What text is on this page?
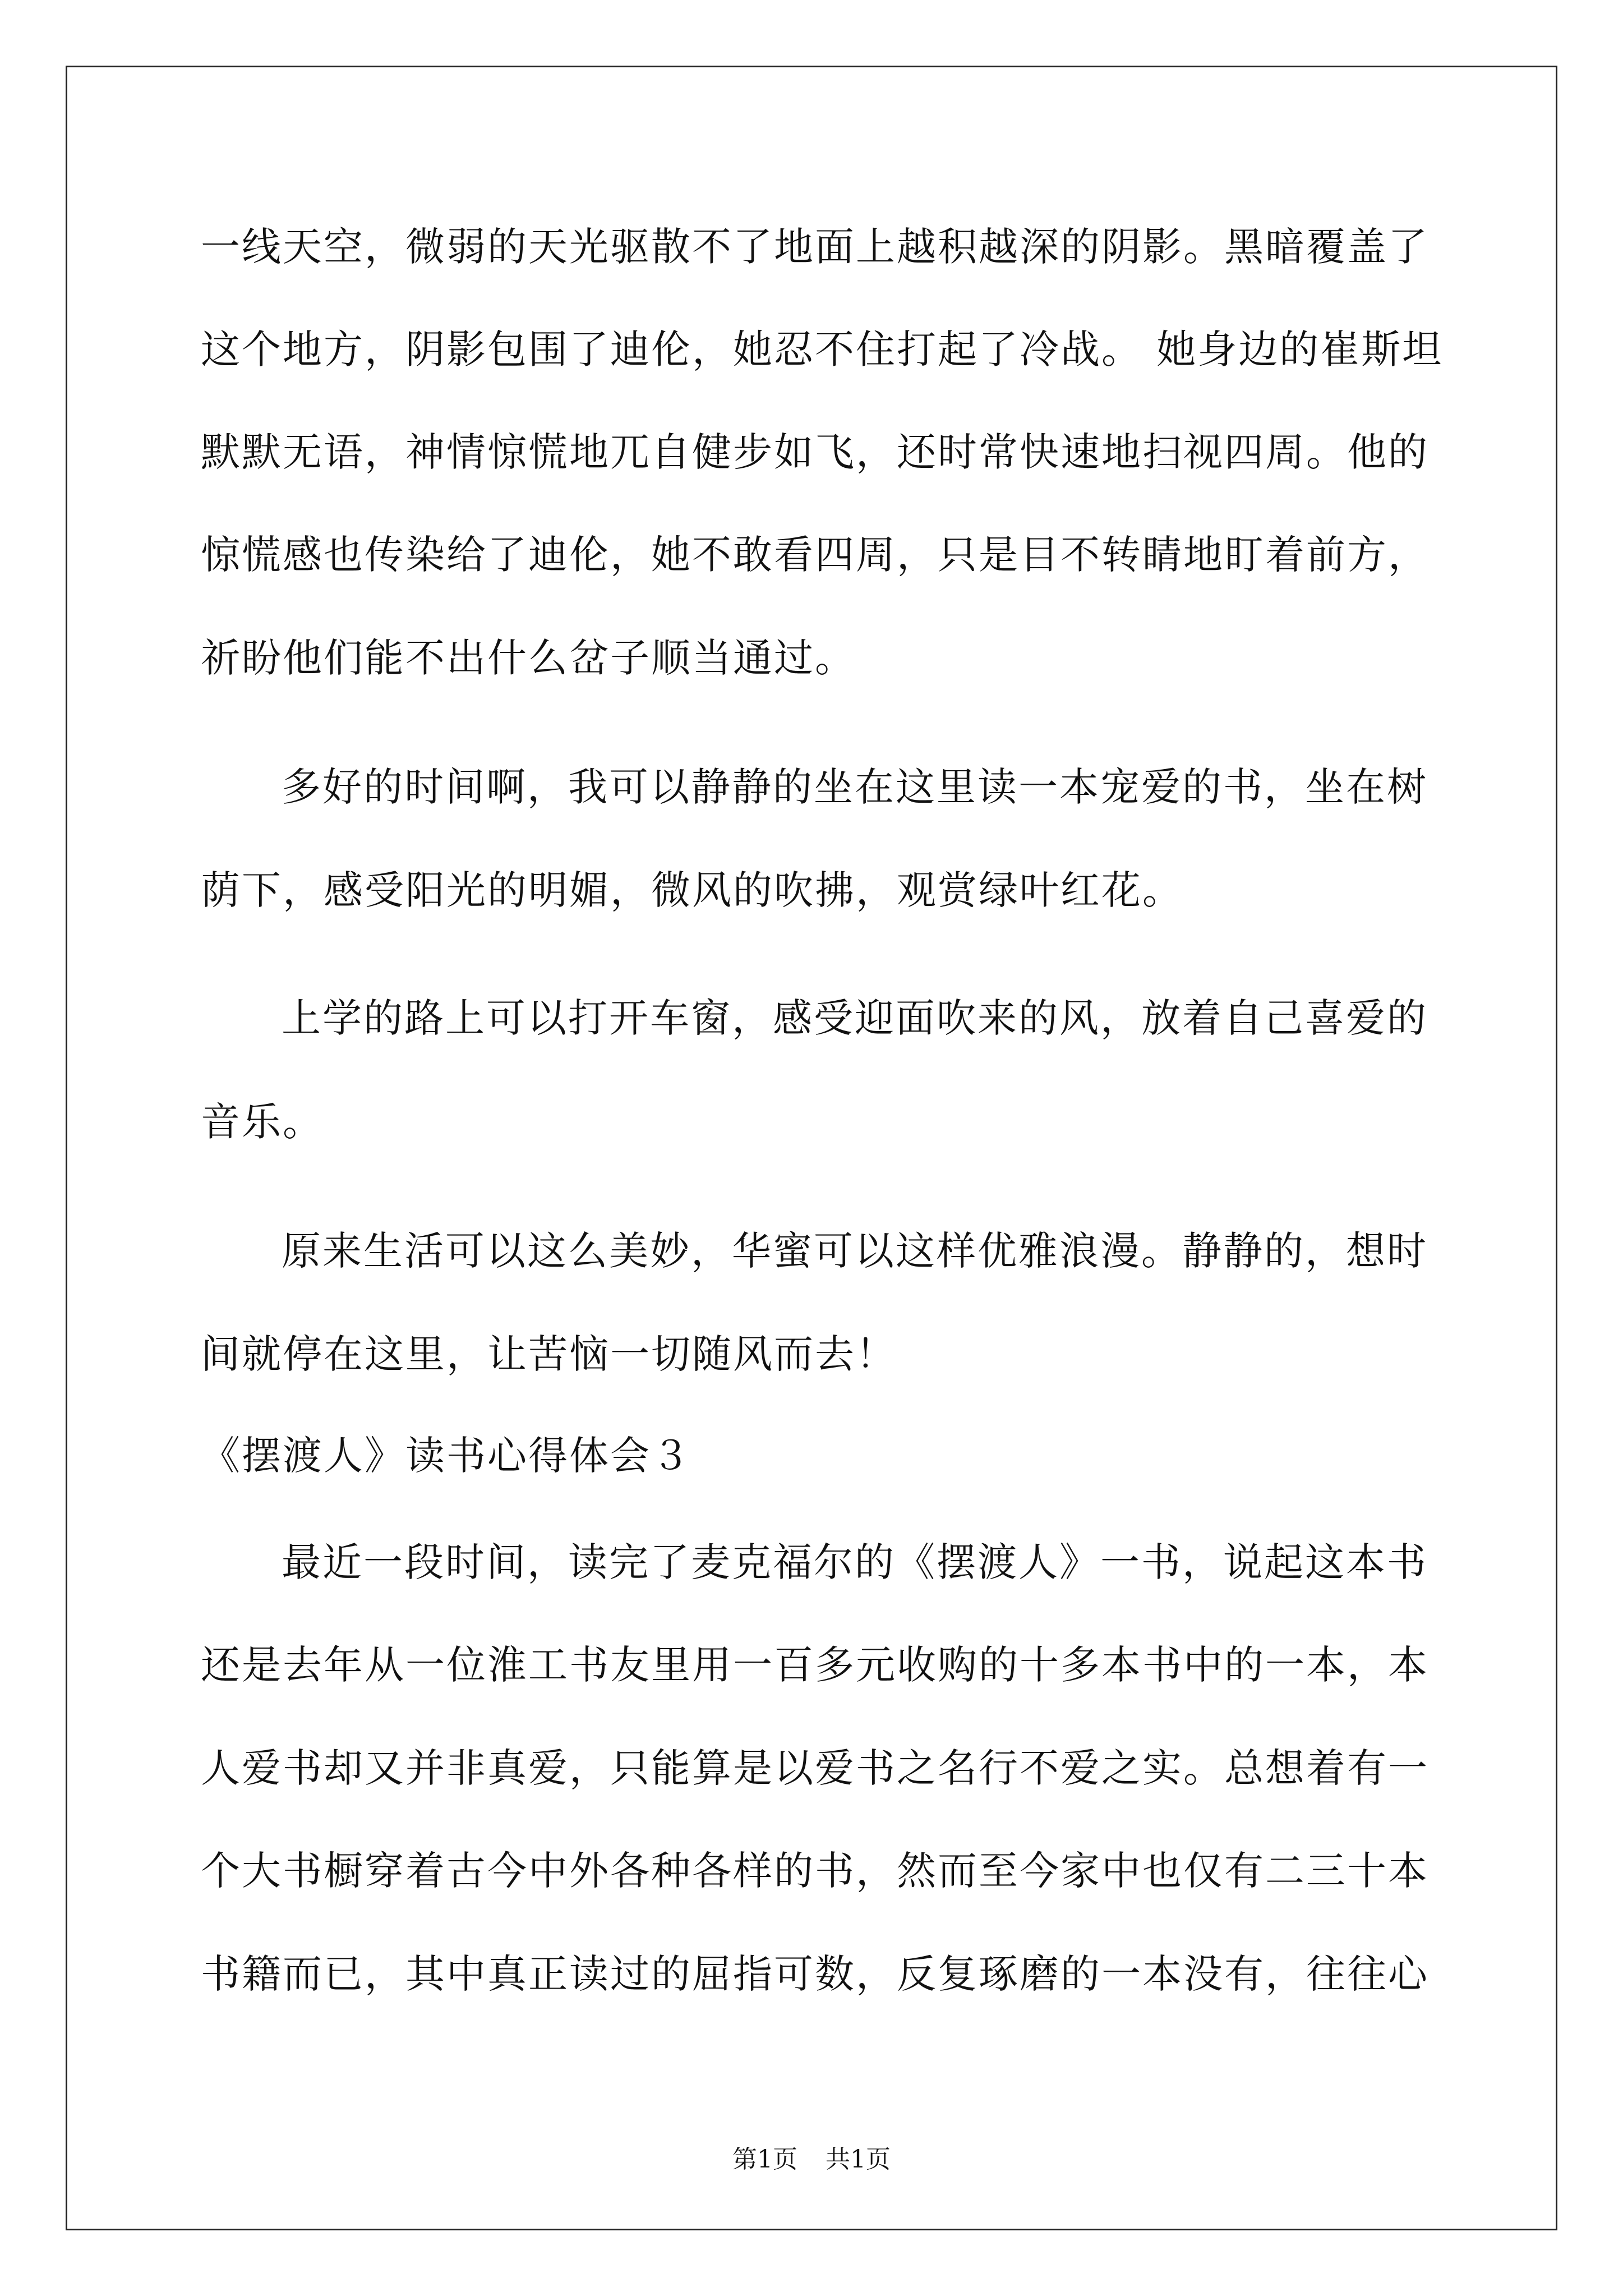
一线天空，微弱的天光驱散不了地面上越积越深的阴影。黑暗覆盖了
这个地方，阴影包围了迪伦，她忍不住打起了冷战。 她身边的崔斯坦
默默无语，神情惊慌地兀自健步如飞，还时常快速地扫视四周。他的
惊慌感也传染给了迪伦，她不敢看四周，只是目不转睛地盯着前方，
祈盼他们能不出什么岔子顺当通过。
多好的时间啊，我可以静静的坐在这里读一本宠爱的书，坐在树
荫下，感受阳光的明媚，微风的吹拂，观赏绿叶红花。
上学的路上可以打开车窗，感受迎面吹来的风，放着自己喜爱的
音乐。
原来生活可以这么美妙，华蜜可以这样优雅浪漫。静静的，想时
间就停在这里，让苦恼一切随风而去！
《摆渡人》读书心得体会３
最近一段时间，读完了麦克福尔的《摆渡人》一书，说起这本书
还是去年从一位淮工书友里用一百多元收购的十多本书中的一本，本
人爱书却又并非真爱，只能算是以爱书之名行不爱之实。总想着有一
个大书橱穿着古今中外各种各样的书，然而至今家中也仅有二三十本
书籍而已，其中真正读过的屈指可数，反复琢磨的一本没有，往往心
第1页 共1页
